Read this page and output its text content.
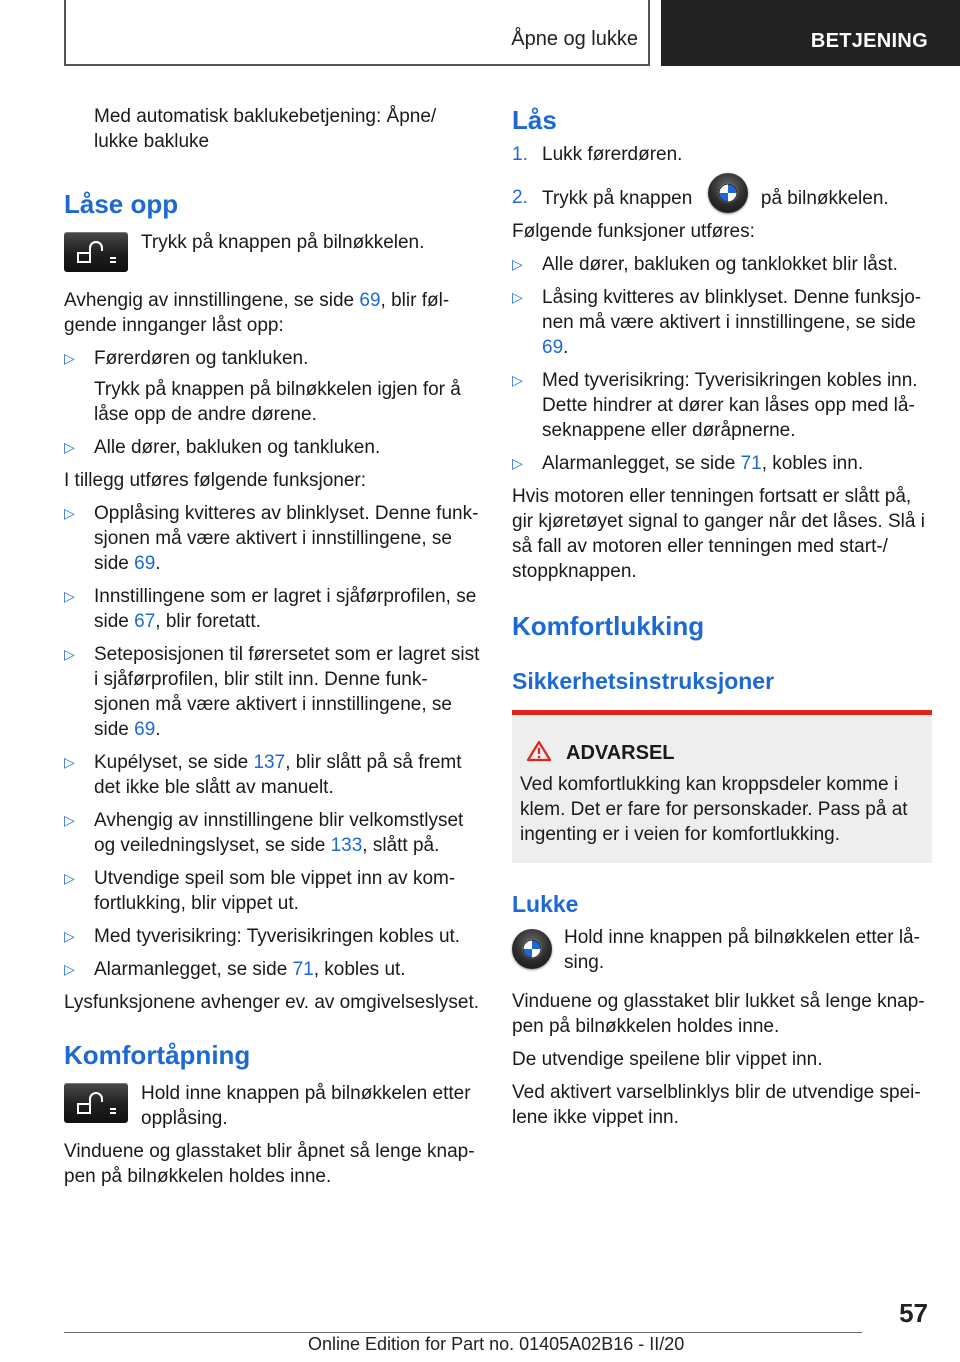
Åpne og lukke	BETJENING

Med automatisk baklukebetjening: Åpne/ lukke bakluke

Låse opp
Trykk på knappen på bilnøkkelen.

Avhengig av innstillingene, se side 69, blir føl-gende innganger låst opp:

▷ Førerdøren og tankluken.
Trykk på knappen på bilnøkkelen igjen for å låse opp de andre dørene.
▷ Alle dører, bakluken og tankluken.

I tillegg utføres følgende funksjoner:

▷ Opplåsing kvitteres av blinklyset. Denne funk-sjonen må være aktivert i innstillingene, se side 69.
▷ Innstillingene som er lagret i sjåførprofilen, se side 67, blir foretatt.
▷ Seteposisjonen til førersetet som er lagret sist i sjåførprofilen, blir stilt inn. Denne funk-sjonen må være aktivert i innstillingene, se side 69.
▷ Kupélyset, se side 137, blir slått på så fremt det ikke ble slått av manuelt.
▷ Avhengig av innstillingene blir velkomstlyset og veiledningslyset, se side 133, slått på.
▷ Utvendige speil som ble vippet inn av kom-fortlukking, blir vippet ut.
▷ Med tyverisikring: Tyverisikringen kobles ut.
▷ Alarmanlegget, se side 71, kobles ut.

Lysfunksjonene avhenger ev. av omgivelseslyset.

Komfortåpning
Hold inne knappen på bilnøkkelen etter opplåsing.

Vinduene og glasstaket blir åpnet så lenge knap-pen på bilnøkkelen holdes inne.

Lås
1. Lukk førerdøren.
2. Trykk på knappen	på bilnøkkelen.

Følgende funksjoner utføres:

▷ Alle dører, bakluken og tanklokket blir låst.
▷ Låsing kvitteres av blinklyset. Denne funksjo-nen må være aktivert i innstillingene, se side 69.
▷ Med tyverisikring: Tyverisikringen kobles inn. Dette hindrer at dører kan låses opp med lå-seknappene eller døråpnerne.
▷ Alarmanlegget, se side 71, kobles inn.

Hvis motoren eller tenningen fortsatt er slått på, gir kjøretøyet signal to ganger når det låses. Slå i så fall av motoren eller tenningen med start-/ stoppknappen.

Komfortlukking
Sikkerhetsinstruksjoner
ADVARSEL
Ved komfortlukking kan kroppsdeler komme i klem. Det er fare for personskader. Pass på at ingenting er i veien for komfortlukking.
Lukke
Hold inne knappen på bilnøkkelen etter lå-sing.

Vinduene og glasstaket blir lukket så lenge knap-pen på bilnøkkelen holdes inne.

De utvendige speilene blir vippet inn.

Ved aktivert varselblinklys blir de utvendige spei-lene ikke vippet inn.

57
Online Edition for Part no. 01405A02B16 - II/20
